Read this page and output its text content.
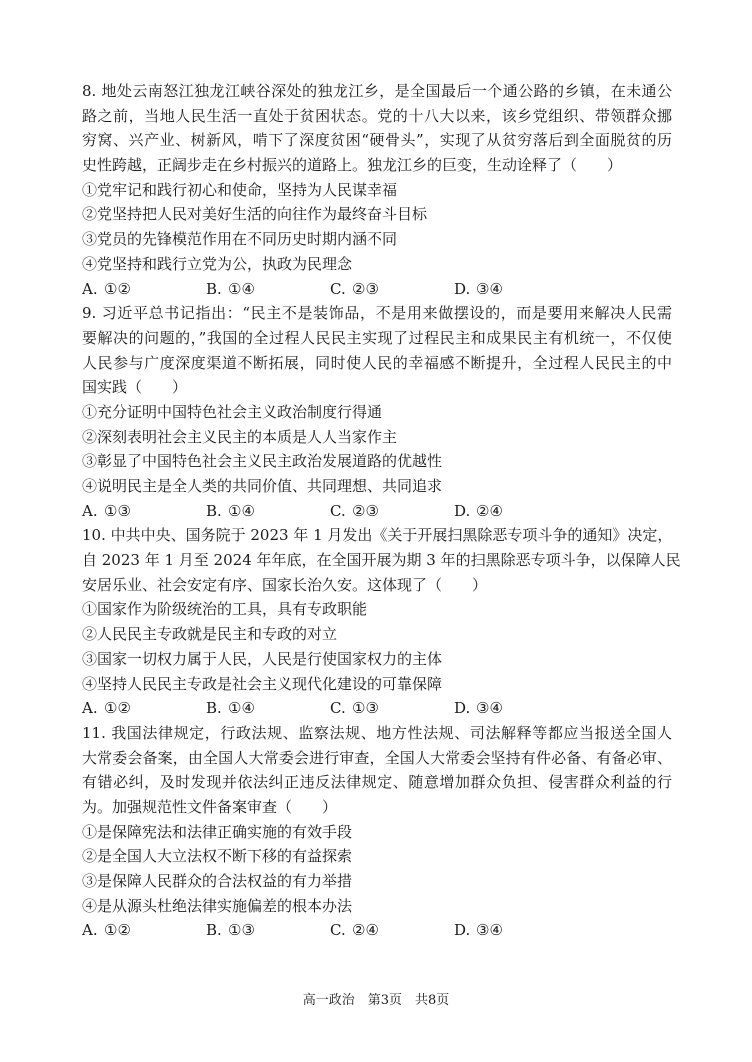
8. 地处云南怒江独龙江峡谷深处的独龙江乡，是全国最后一个通公路的乡镇，在未通公
路之前，当地人民生活一直处于贫困状态。党的十八大以来，该乡党组织、带领群众挪
穷窝、兴产业、树新风，啃下了深度贫困“硬骨头”，实现了从贫穷落后到全面脱贫的历
史性跨越，正阔步走在乡村振兴的道路上。独龙江乡的巨变，生动诠释了（　　）
①党牢记和践行初心和使命，坚持为人民谋幸福
②党坚持把人民对美好生活的向往作为最终奋斗目标
③党员的先锋模范作用在不同历史时期内涵不同
④党坚持和践行立党为公，执政为民理念
A. ①②	B. ①④	C. ②③	D. ③④
9. 习近平总书记指出：“民主不是装饰品，不是用来做摆设的，而是要用来解决人民需
要解决的问题的，”我国的全过程人民民主实现了过程民主和成果民主有机统一，不仅使
人民参与广度深度渠道不断拓展，同时使人民的幸福感不断提升，全过程人民民主的中
国实践（　　）
①充分证明中国特色社会主义政治制度行得通
②深刻表明社会主义民主的本质是人人当家作主
③彰显了中国特色社会主义民主政治发展道路的优越性
④说明民主是全人类的共同价值、共同理想、共同追求
A. ①③	B. ①④	C. ②③	D. ②④
10. 中共中央、国务院于 2023 年 1 月发出《关于开展扫黑除恶专项斗争的通知》决定，
自 2023 年 1 月至 2024 年年底，在全国开展为期 3 年的扫黑除恶专项斗争，以保障人民
安居乐业、社会安定有序、国家长治久安。这体现了（　　）
①国家作为阶级统治的工具，具有专政职能
②人民民主专政就是民主和专政的对立
③国家一切权力属于人民，人民是行使国家权力的主体
④坚持人民民主专政是社会主义现代化建设的可靠保障
A. ①②	B. ①④	C. ①③	D. ③④
11. 我国法律规定，行政法规、监察法规、地方性法规、司法解释等都应当报送全国人
大常委会备案，由全国人大常委会进行审查，全国人大常委会坚持有件必备、有备必审、
有错必纠，及时发现并依法纠正违反法律规定、随意增加群众负担、侵害群众利益的行
为。加强规范性文件备案审查（　　）
①是保障宪法和法律正确实施的有效手段
②是全国人大立法权不断下移的有益探索
③是保障人民群众的合法权益的有力举措
④是从源头杜绝法律实施偏差的根本办法
A. ①②	B. ①③	C. ②④	D. ③④
高一政治　第3页　共8页
